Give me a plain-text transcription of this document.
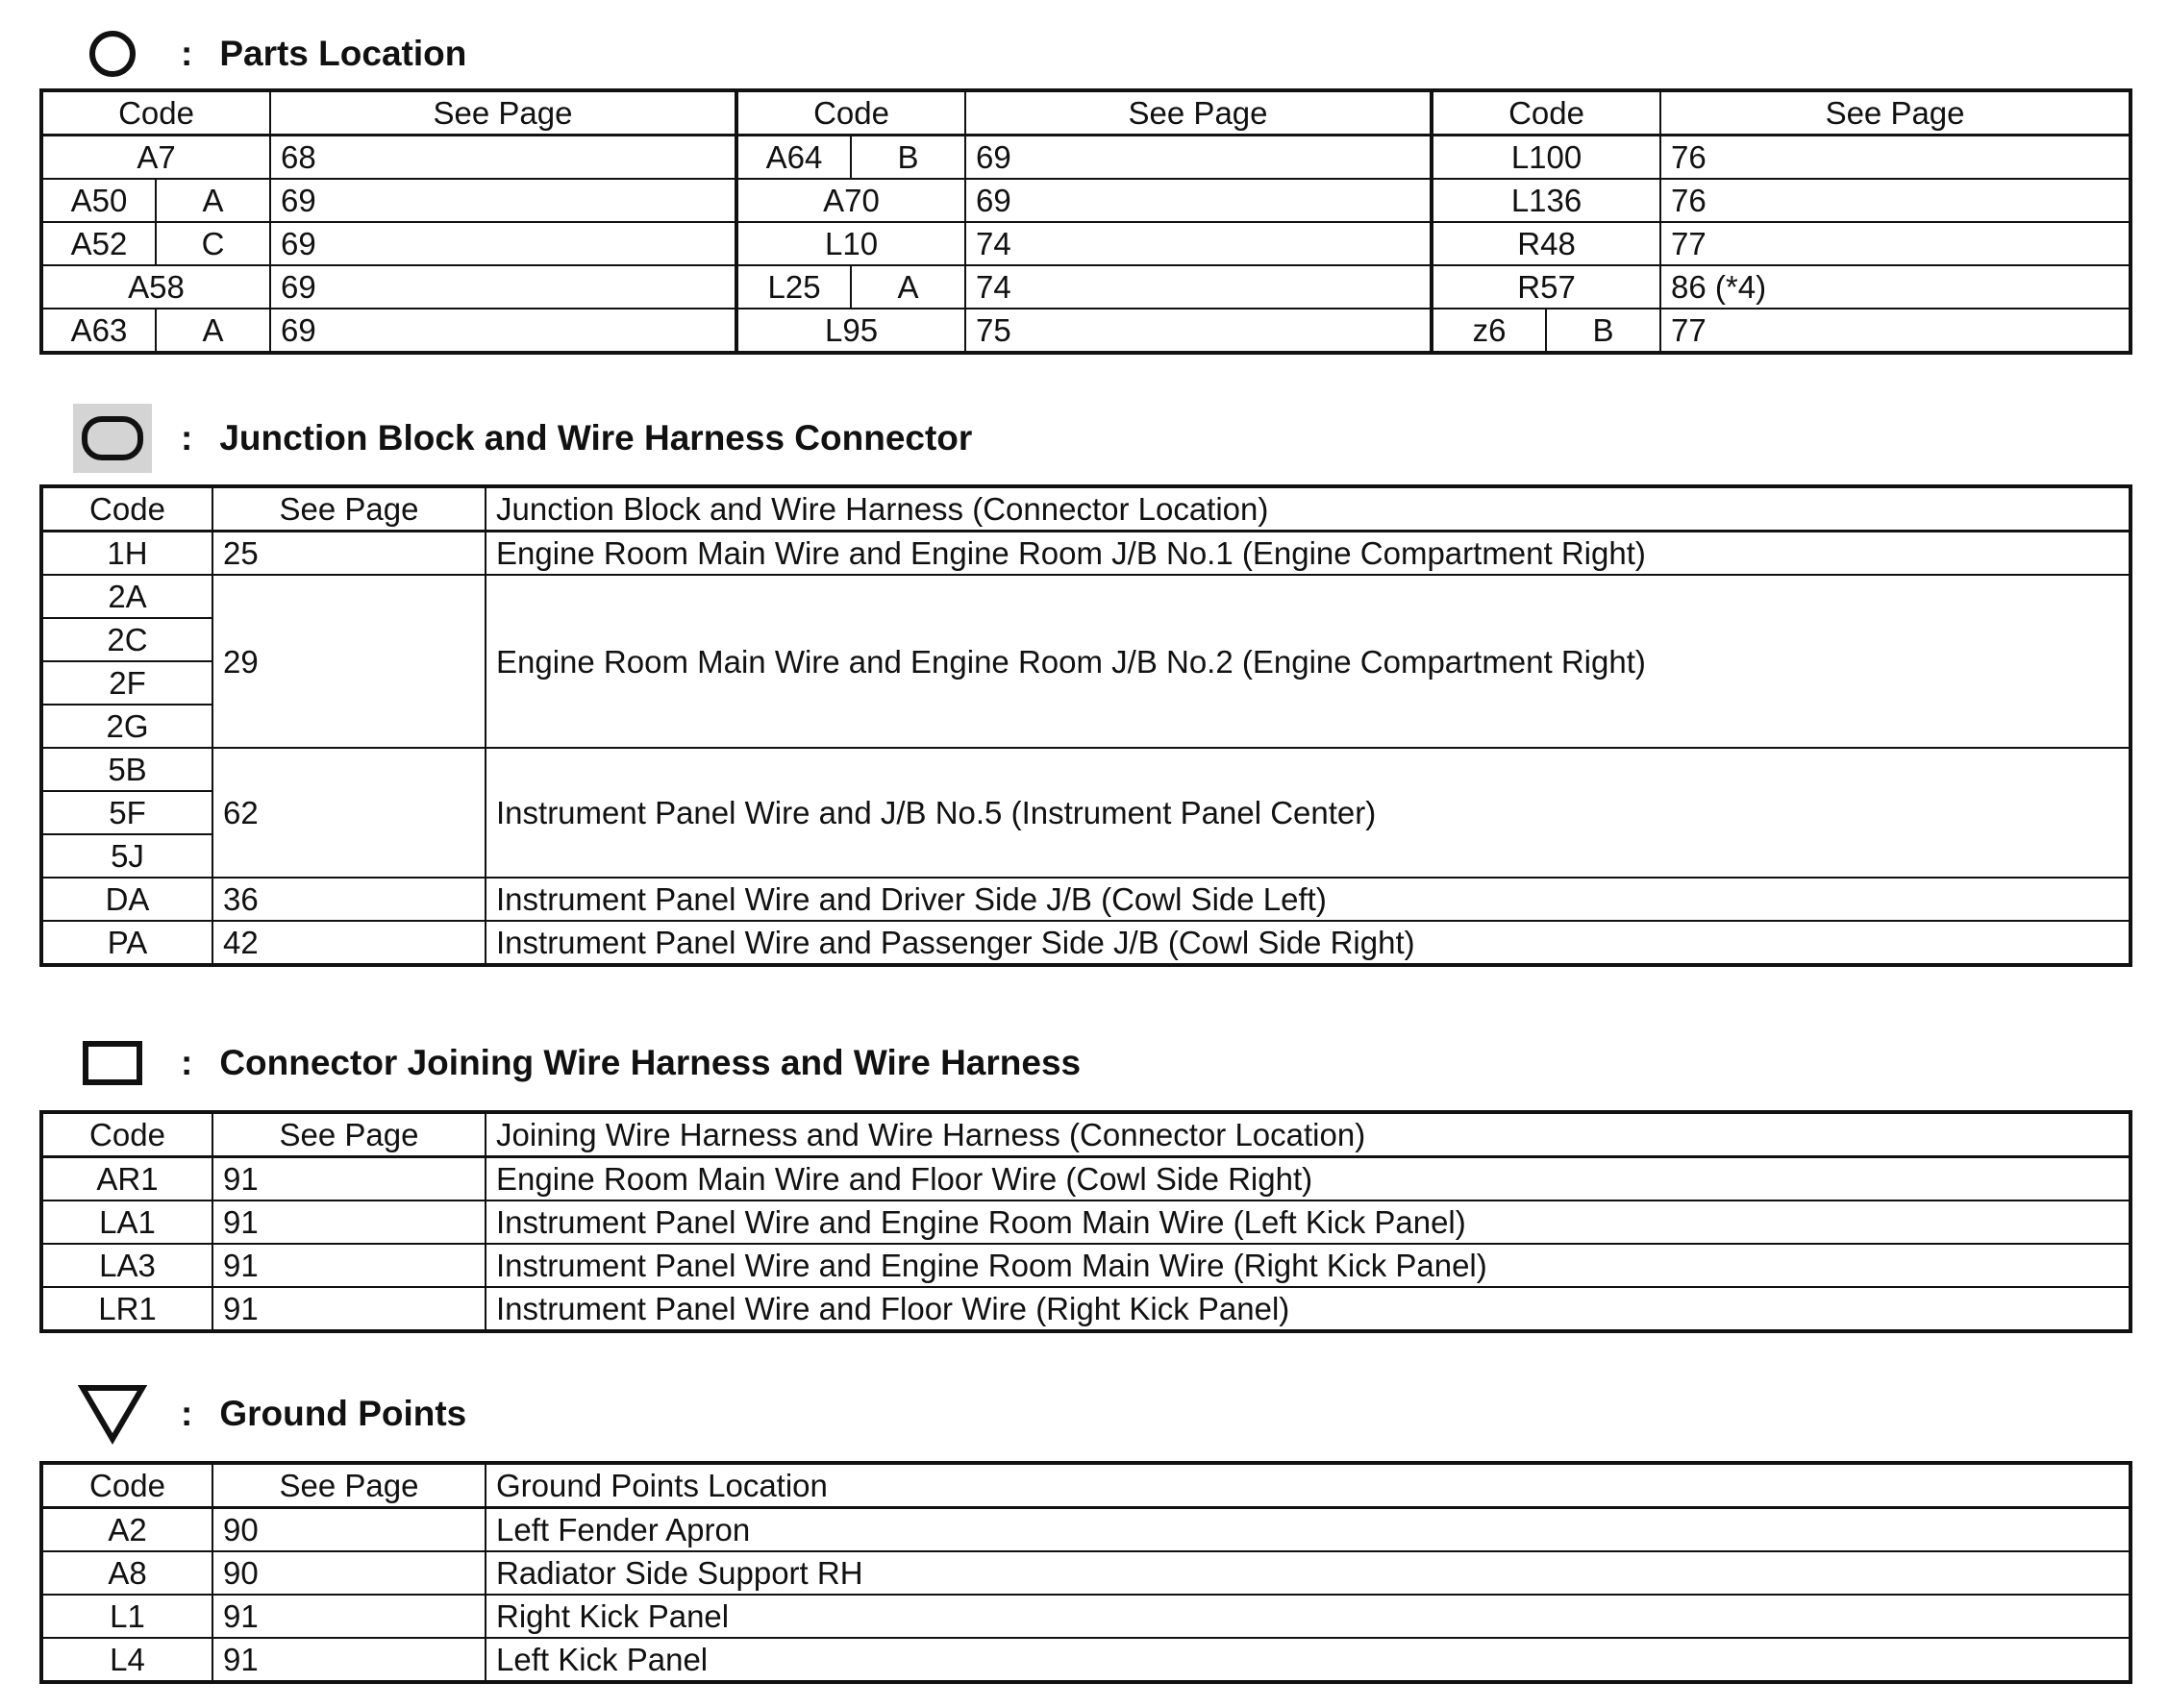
: Parts Location
Code		See Page	Code		See Page	Code		See Page
A7		68	A64	B	69	L100		76
A50	A	69	A70		69	L136		76
A52	C	69	L10		74	R48		77
A58		69	L25	A	74	R57		86 (*4)
A63	A	69	L95		75	z6	B	77
: Junction Block and Wire Harness Connector
Code	See Page	Junction Block and Wire Harness (Connector Location)
1H	25	Engine Room Main Wire and Engine Room J/B No.1 (Engine Compartment Right)
2A	29	Engine Room Main Wire and Engine Room J/B No.2 (Engine Compartment Right)
2C		
2F		
2G		
5B	62	Instrument Panel Wire and J/B No.5 (Instrument Panel Center)
5F		
5J		
DA	36	Instrument Panel Wire and Driver Side J/B (Cowl Side Left)
PA	42	Instrument Panel Wire and Passenger Side J/B (Cowl Side Right)
: Connector Joining Wire Harness and Wire Harness
Code	See Page	Joining Wire Harness and Wire Harness (Connector Location)
AR1	91	Engine Room Main Wire and Floor Wire (Cowl Side Right)
LA1	91	Instrument Panel Wire and Engine Room Main Wire (Left Kick Panel)
LA3	91	Instrument Panel Wire and Engine Room Main Wire (Right Kick Panel)
LR1	91	Instrument Panel Wire and Floor Wire (Right Kick Panel)
: Ground Points
Code	See Page	Ground Points Location
A2	90	Left Fender Apron
A8	90	Radiator Side Support RH
L1	91	Right Kick Panel
L4	91	Left Kick Panel
